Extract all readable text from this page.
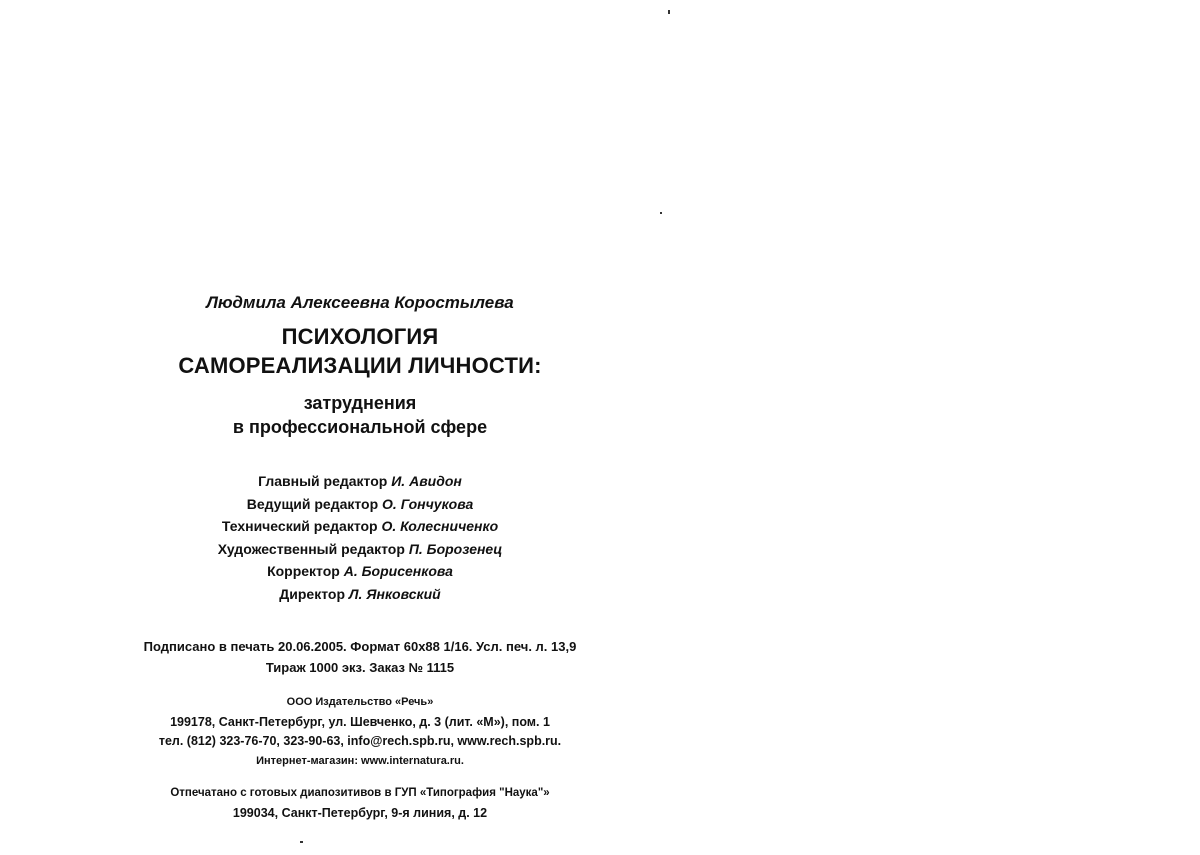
Людмила Алексеевна Коростылева
ПСИХОЛОГИЯ
САМОРЕАЛИЗАЦИИ ЛИЧНОСТИ:
затруднения
в профессиональной сфере
Главный редактор И. Авидон
Ведущий редактор О. Гончукова
Технический редактор О. Колесниченко
Художественный редактор П. Борозенец
Корректор А. Борисенкова
Директор Л. Янковский
Подписано в печать 20.06.2005. Формат 60x88 1/16. Усл. печ. л. 13,9
Тираж 1000 экз. Заказ № 1115
ООО Издательство «Речь»
199178, Санкт-Петербург, ул. Шевченко, д. 3 (лит. «М»), пом. 1
тел. (812) 323-76-70, 323-90-63, info@rech.spb.ru, www.rech.spb.ru.
Интернет-магазин: www.internatura.ru.
Отпечатано с готовых диапозитивов в ГУП «Типография "Наука"»
199034, Санкт-Петербург, 9-я линия, д. 12
